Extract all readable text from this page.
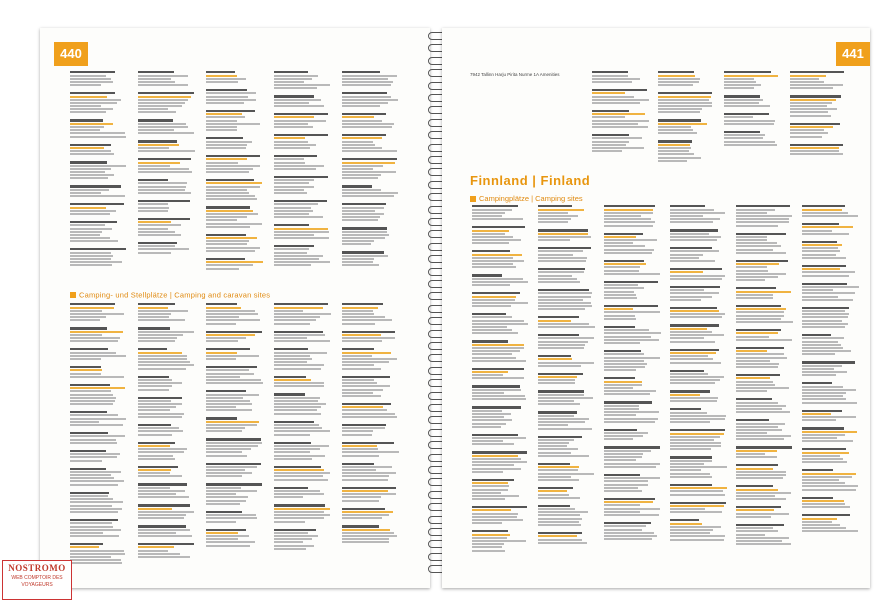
440
Camping- und Stellplätze | Camping and caravan sites
441
7942 Tallinn Harju Pirita Nurme 1A Amenities
Finnland | Finland
Campingplätze | Camping sites
NOSTROMO
WEB COMPTOIR DES VOYAGEURS
